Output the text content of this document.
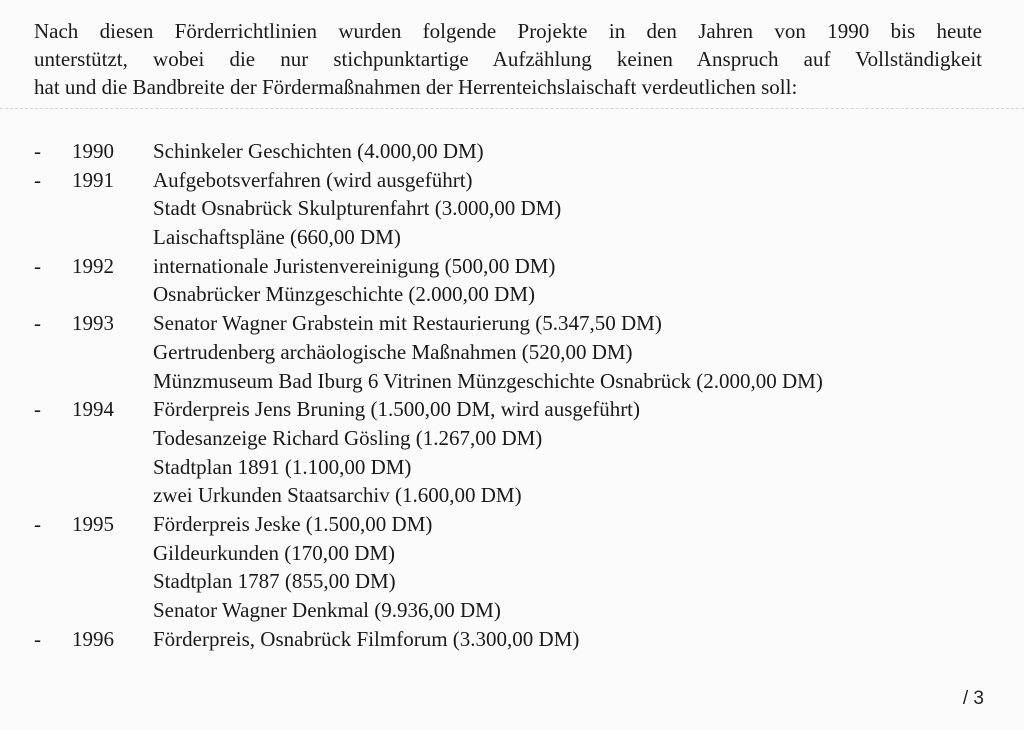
Nach diesen Förderrichtlinien wurden folgende Projekte in den Jahren von 1990 bis heute
unterstützt, wobei die nur stichpunktartige Aufzählung keinen Anspruch auf Vollständigkeit
hat und die Bandbreite der Fördermaßnahmen der Herrenteichslaischaft verdeutlichen soll:
- 1990 Schinkeler Geschichten (4.000,00 DM)
- 1991 Aufgebotsverfahren (wird ausgeführt)
Stadt Osnabrück Skulpturenfahrt (3.000,00 DM)
Laischaftspläne (660,00 DM)
- 1992 internationale Juristenvereinigung (500,00 DM)
Osnabrücker Münzgeschichte (2.000,00 DM)
- 1993 Senator Wagner Grabstein mit Restaurierung (5.347,50 DM)
Gertrudenberg archäologische Maßnahmen (520,00 DM)
Münzmuseum Bad Iburg 6 Vitrinen Münzgeschichte Osnabrück (2.000,00 DM)
- 1994 Förderpreis Jens Bruning (1.500,00 DM, wird ausgeführt)
Todesanzeige Richard Gösling (1.267,00 DM)
Stadtplan 1891 (1.100,00 DM)
zwei Urkunden Staatsarchiv (1.600,00 DM)
- 1995 Förderpreis Jeske (1.500,00 DM)
Gildeurkunden (170,00 DM)
Stadtplan 1787 (855,00 DM)
Senator Wagner Denkmal (9.936,00 DM)
- 1996 Förderpreis, Osnabrück Filmforum (3.300,00 DM)
/ 3
